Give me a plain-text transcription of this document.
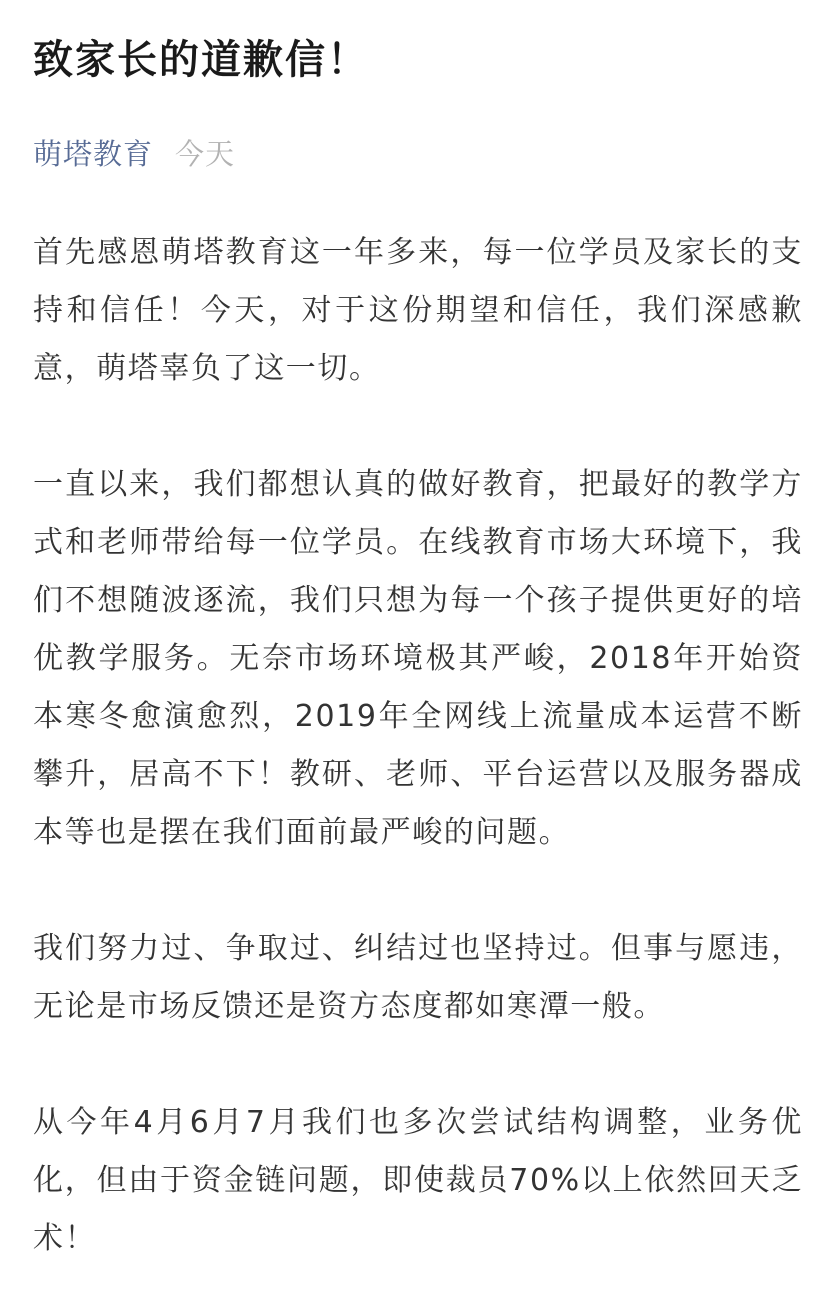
致家长的道歉信！
萌塔教育 今天

首先感恩萌塔教育这一年多来，每一位学员及家长的支持和信任！今天，对于这份期望和信任，我们深感歉意，萌塔辜负了这一切。

一直以来，我们都想认真的做好教育，把最好的教学方式和老师带给每一位学员。在线教育市场大环境下，我们不想随波逐流，我们只想为每一个孩子提供更好的培优教学服务。无奈市场环境极其严峻，2018年开始资本寒冬愈演愈烈，2019年全网线上流量成本运营不断攀升，居高不下！教研、老师、平台运营以及服务器成本等也是摆在我们面前最严峻的问题。

我们努力过、争取过、纠结过也坚持过。但事与愿违，无论是市场反馈还是资方态度都如寒潭一般。

从今年4月6月7月我们也多次尝试结构调整，业务优化，但由于资金链问题，即使裁员70%以上依然回天乏术！
